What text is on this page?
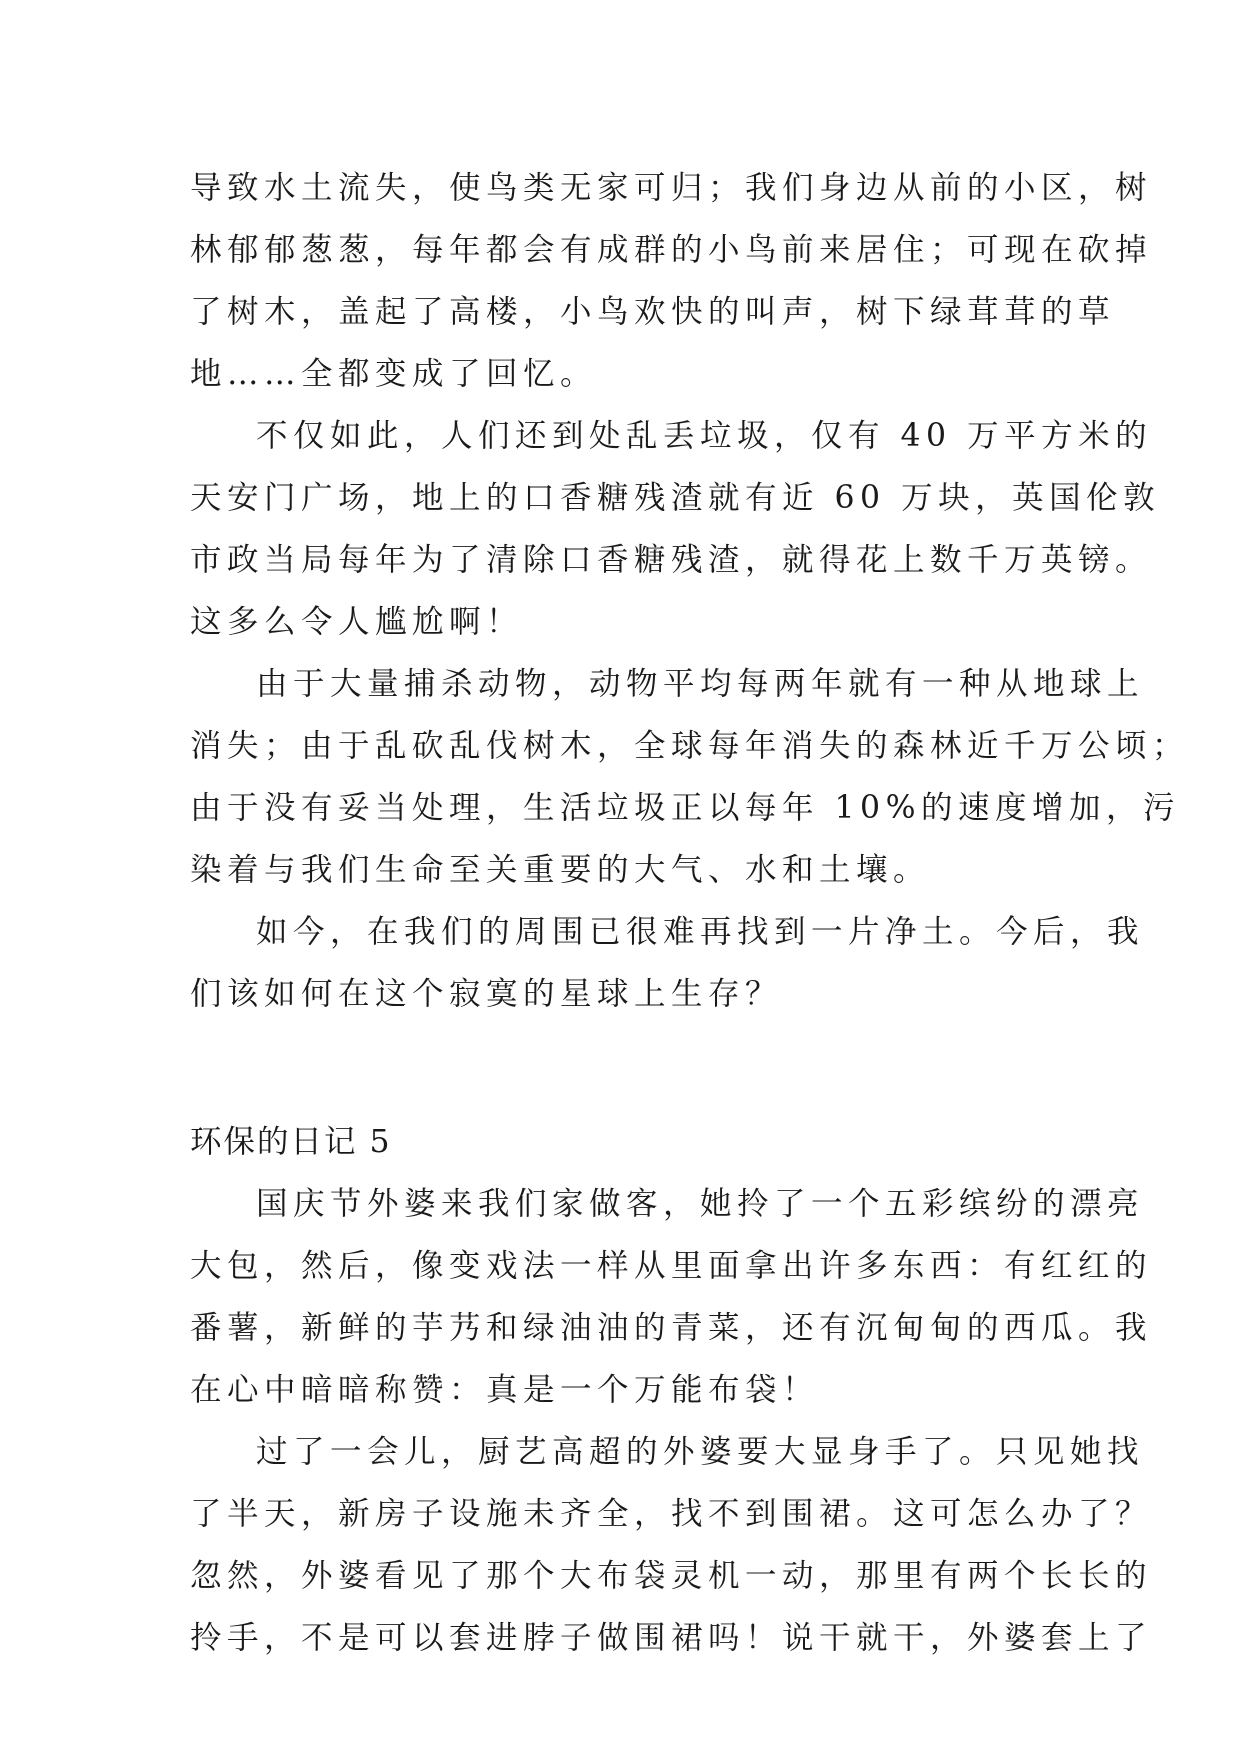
导致水土流失，使鸟类无家可归；我们身边从前的小区，树
林郁郁葱葱，每年都会有成群的小鸟前来居住；可现在砍掉
了树木，盖起了高楼，小鸟欢快的叫声，树下绿茸茸的草
地……全都变成了回忆。
不仅如此，人们还到处乱丢垃圾，仅有 40 万平方米的
天安门广场，地上的口香糖残渣就有近 60 万块，英国伦敦
市政当局每年为了清除口香糖残渣，就得花上数千万英镑。
这多么令人尴尬啊！
由于大量捕杀动物，动物平均每两年就有一种从地球上
消失；由于乱砍乱伐树木，全球每年消失的森林近千万公顷；
由于没有妥当处理，生活垃圾正以每年 10%的速度增加，污
染着与我们生命至关重要的大气、水和土壤。
如今，在我们的周围已很难再找到一片净土。今后，我
们该如何在这个寂寞的星球上生存？
环保的日记 5
国庆节外婆来我们家做客，她拎了一个五彩缤纷的漂亮
大包，然后，像变戏法一样从里面拿出许多东西：有红红的
番薯，新鲜的芋艿和绿油油的青菜，还有沉甸甸的西瓜。我
在心中暗暗称赞：真是一个万能布袋！
过了一会儿，厨艺高超的外婆要大显身手了。只见她找
了半天，新房子设施未齐全，找不到围裙。这可怎么办了？
忽然，外婆看见了那个大布袋灵机一动，那里有两个长长的
拎手，不是可以套进脖子做围裙吗！说干就干，外婆套上了
